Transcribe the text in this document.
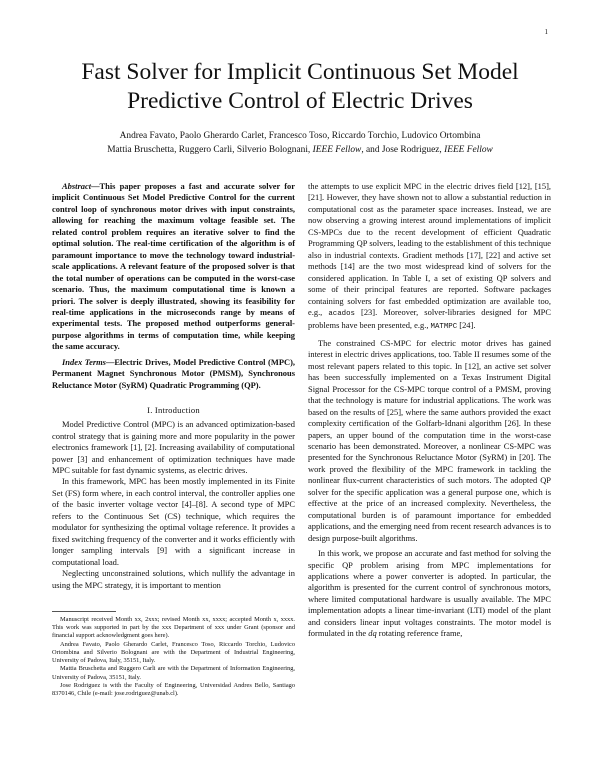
1
Fast Solver for Implicit Continuous Set Model
Predictive Control of Electric Drives
Andrea Favato, Paolo Gherardo Carlet, Francesco Toso, Riccardo Torchio, Ludovico Ortombina
Mattia Bruschetta, Ruggero Carli, Silverio Bolognani, IEEE Fellow, and Jose Rodriguez, IEEE Fellow

Abstract—This paper proposes a fast and accurate solver for implicit Continuous Set Model Predictive Control for the current control loop of synchronous motor drives with input constraints, allowing for reaching the maximum voltage feasible set. The related control problem requires an iterative solver to find the optimal solution. The real-time certification of the algorithm is of paramount importance to move the technology toward industrial-scale applications. A relevant feature of the proposed solver is that the total number of operations can be computed in the worst-case scenario. Thus, the maximum computational time is known a priori. The solver is deeply illustrated, showing its feasibility for real-time applications in the microseconds range by means of experimental tests. The proposed method outperforms general-purpose algorithms in terms of computation time, while keeping the same accuracy.

Index Terms—Electric Drives, Model Predictive Control (MPC), Permanent Magnet Synchronous Motor (PMSM), Synchronous Reluctance Motor (SyRM) Quadratic Programming (QP).

I. Introduction

Model Predictive Control (MPC) is an advanced optimization-based control strategy that is gaining more and more popularity in the power electronics framework [1], [2]. Increasing availability of computational power [3] and enhancement of optimization techniques have made MPC suitable for fast dynamic systems, as electric drives.

In this framework, MPC has been mostly implemented in its Finite Set (FS) form where, in each control interval, the controller applies one of the basic inverter voltage vector [4]–[8]. A second type of MPC refers to the Continuous Set (CS) technique, which requires the modulator for synthesizing the optimal voltage reference. It provides a fixed switching frequency of the converter and it works efficiently with longer sampling intervals [9] with a significant increase in computational load.

Neglecting unconstrained solutions, which nullify the advantage in using the MPC strategy, it is important to mention

Manuscript received Month xx, 2xxx; revised Month xx, xxxx; accepted Month x, xxxx. This work was supported in part by the xxx Department of xxx under Grant (sponsor and financial support acknowledgment goes here).

Andrea Favato, Paolo Gherardo Carlet, Francesco Toso, Riccardo Torchio, Ludovico Ortombina and Silverio Bolognani are with the Department of Industrial Engineering, University of Padova, Italy, 35151, Italy.

Mattia Bruschetta and Ruggero Carli are with the Department of Information Engineering, University of Padova, 35151, Italy.

Jose Rodriguez is with the Faculty of Engineering, Universidad Andres Bello, Santiago 8370146, Chile (e-mail: jose.rodriguez@unab.cl).

the attempts to use explicit MPC in the electric drives field [12], [15], [21]. However, they have shown not to allow a substantial reduction in computational cost as the parameter space increases. Instead, we are now observing a growing interest around implementations of implicit CS-MPCs due to the recent development of efficient Quadratic Programming QP solvers, leading to the establishment of this technique also in industrial contexts. Gradient methods [17], [22] and active set methods [14] are the two most widespread kind of solvers for the considered application. In Table I, a set of existing QP solvers and some of their principal features are reported. Software packages containing solvers for fast embedded optimization are available too, e.g., acados [23]. Moreover, solver-libraries designed for MPC problems have been presented, e.g., MATMPC [24].

The constrained CS-MPC for electric motor drives has gained interest in electric drives applications, too. Table II resumes some of the most relevant papers related to this topic. In [12], an active set solver has been successfully implemented on a Texas Instrument Digital Signal Processor for the CS-MPC torque control of a PMSM, proving that the technology is mature for industrial applications. The work was based on the results of [25], where the same authors provided the exact complexity certification of the Golfarb-Idnani algorithm [26]. In these papers, an upper bound of the computation time in the worst-case scenario has been demonstrated. Moreover, a nonlinear CS-MPC was presented for the Synchronous Reluctance Motor (SyRM) in [20]. The work proved the flexibility of the MPC framework in tackling the nonlinear flux-current characteristics of such motors. The adopted QP solver for the specific application was a general purpose one, which is effective at the price of an increased complexity. Nevertheless, the computational burden is of paramount importance for embedded applications, and the emerging need from recent research advances is to design purpose-built algorithms.

In this work, we propose an accurate and fast method for solving the specific QP problem arising from MPC implementations for applications where a power converter is adopted. In particular, the algorithm is presented for the current control of synchronous motors, where limited computational hardware is usually available. The MPC implementation adopts a linear time-invariant (LTI) model of the plant and considers linear input voltages constraints. The motor model is formulated in the dq rotating reference frame,
